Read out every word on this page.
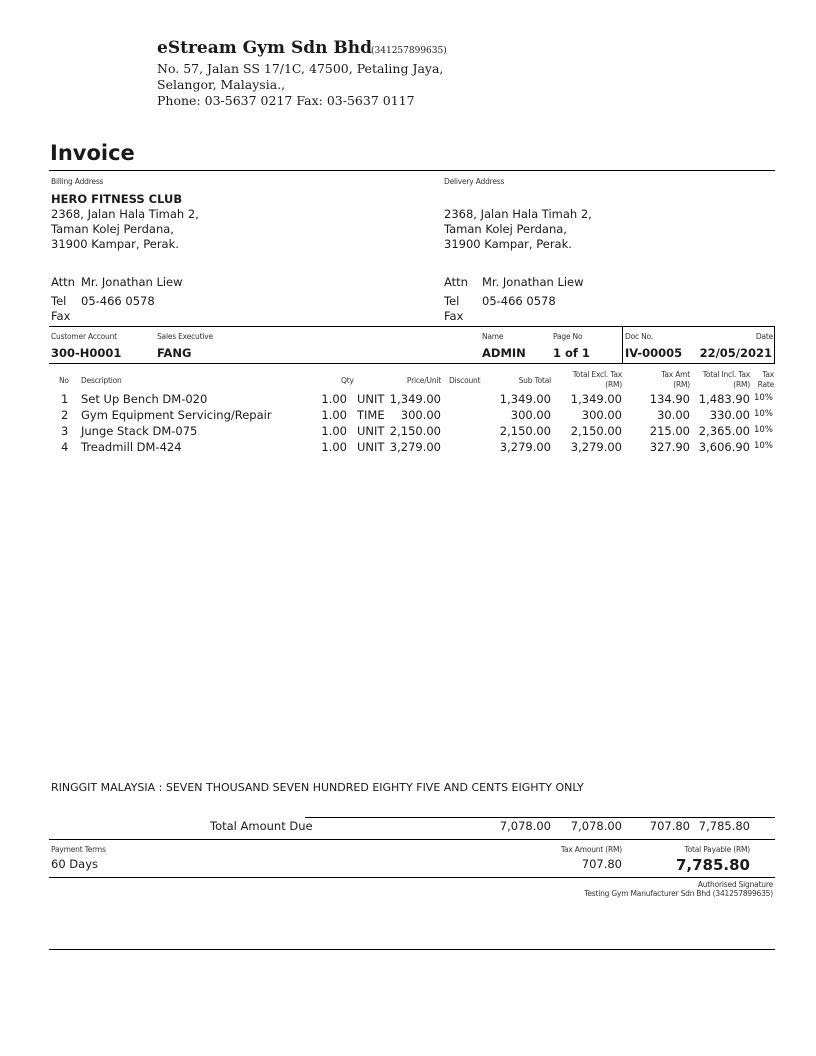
eStream Gym Sdn Bhd (341257899635)
No. 57, Jalan SS 17/1C, 47500, Petaling Jaya,
Selangor, Malaysia.,
Phone: 03-5637 0217 Fax: 03-5637 0117
Invoice
Billing Address
HERO FITNESS CLUB
2368, Jalan Hala Timah 2,
Taman Kolej Perdana,
31900 Kampar, Perak.
Attn Mr. Jonathan Liew
Tel 05-466 0578
Fax
Delivery Address
2368, Jalan Hala Timah 2,
Taman Kolej Perdana,
31900 Kampar, Perak.
Attn Mr. Jonathan Liew
Tel 05-466 0578
Fax
Customer Account
300-H0001
Sales Executive
FANG
Name
ADMIN
Page No
1 of 1
Doc No.
IV-00005
Date
22/05/2021
No Description	Qty	Price/Unit Discount	Sub Total
Total Excl. Tax
(RM)
Tax Amt
(RM)
Total Incl. Tax
(RM)
Tax
Rate
1 Set Up Bench DM-020	1.00 UNIT 1,349.00	1,349.00 1,349.00 134.90 1,483.90 10%
2 Gym Equipment Servicing/Repair	1.00 TIME 300.00	300.00	300.00	30.00 330.00 10%
3 Junge Stack DM-075	1.00 UNIT 2,150.00	2,150.00 2,150.00 215.00 2,365.00 10%
4 Treadmill DM-424	1.00 UNIT 3,279.00	3,279.00 3,279.00 327.90 3,606.90 10%
RINGGIT MALAYSIA : SEVEN THOUSAND SEVEN HUNDRED EIGHTY FIVE AND CENTS EIGHTY ONLY
Total Amount Due	7,078.00 7,078.00 707.80 7,785.80
Payment Terms
60 Days
Tax Amount (RM)
707.80
Total Payable (RM)
7,785.80
Authorised Signature
Testing Gym Manufacturer Sdn Bhd (341257899635)
